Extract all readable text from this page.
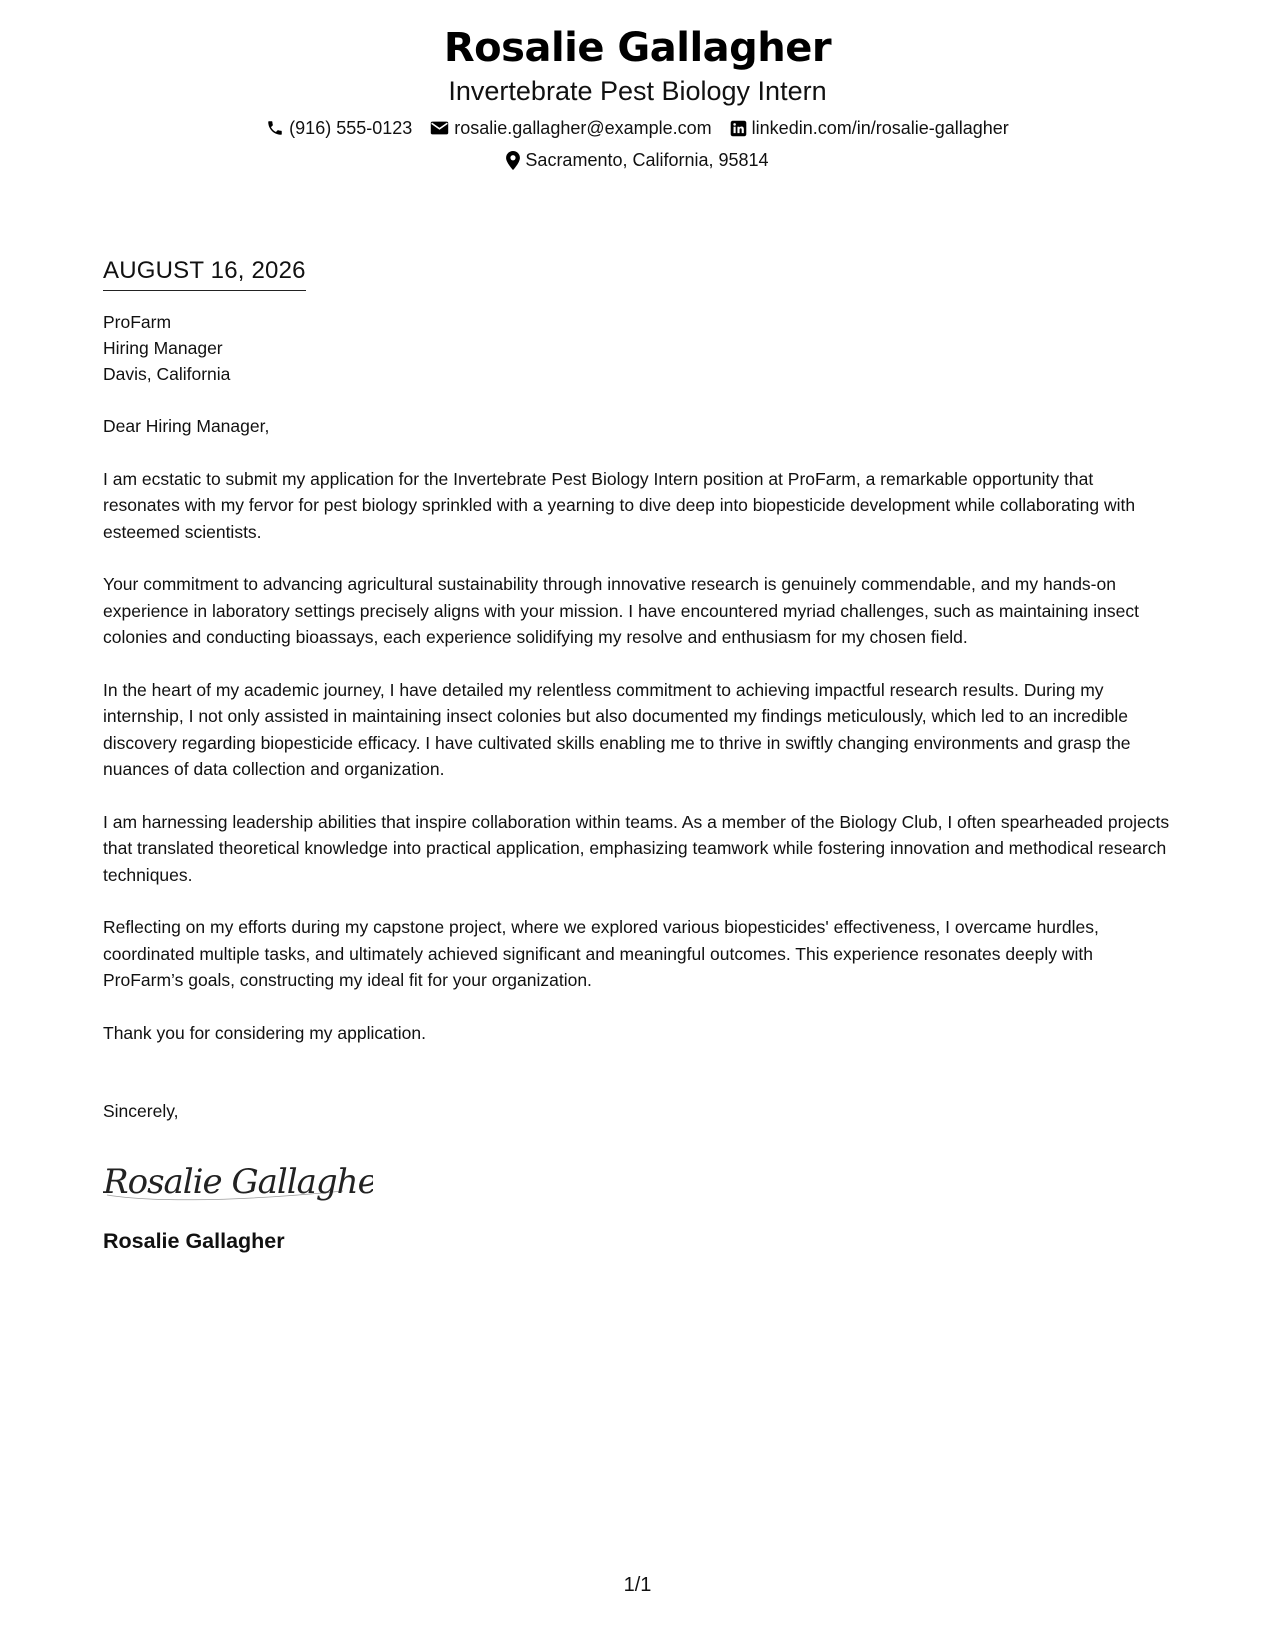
Rosalie Gallagher
Invertebrate Pest Biology Intern
(916) 555-0123 rosalie.gallagher@example.com linkedin.com/in/rosalie-gallagher
Sacramento, California, 95814
AUGUST 16, 2026
ProFarm
Hiring Manager
Davis, California
Dear Hiring Manager,
I am ecstatic to submit my application for the Invertebrate Pest Biology Intern position at ProFarm, a remarkable opportunity that resonates with my fervor for pest biology sprinkled with a yearning to dive deep into biopesticide development while collaborating with esteemed scientists.
Your commitment to advancing agricultural sustainability through innovative research is genuinely commendable, and my hands-on experience in laboratory settings precisely aligns with your mission. I have encountered myriad challenges, such as maintaining insect colonies and conducting bioassays, each experience solidifying my resolve and enthusiasm for my chosen field.
In the heart of my academic journey, I have detailed my relentless commitment to achieving impactful research results. During my internship, I not only assisted in maintaining insect colonies but also documented my findings meticulously, which led to an incredible discovery regarding biopesticide efficacy. I have cultivated skills enabling me to thrive in swiftly changing environments and grasp the nuances of data collection and organization.
I am harnessing leadership abilities that inspire collaboration within teams. As a member of the Biology Club, I often spearheaded projects that translated theoretical knowledge into practical application, emphasizing teamwork while fostering innovation and methodical research techniques.
Reflecting on my efforts during my capstone project, where we explored various biopesticides' effectiveness, I overcame hurdles, coordinated multiple tasks, and ultimately achieved significant and meaningful outcomes. This experience resonates deeply with ProFarm’s goals, constructing my ideal fit for your organization.
Thank you for considering my application.
Sincerely,
Rosalie Gallagher
Rosalie Gallagher
1/1
